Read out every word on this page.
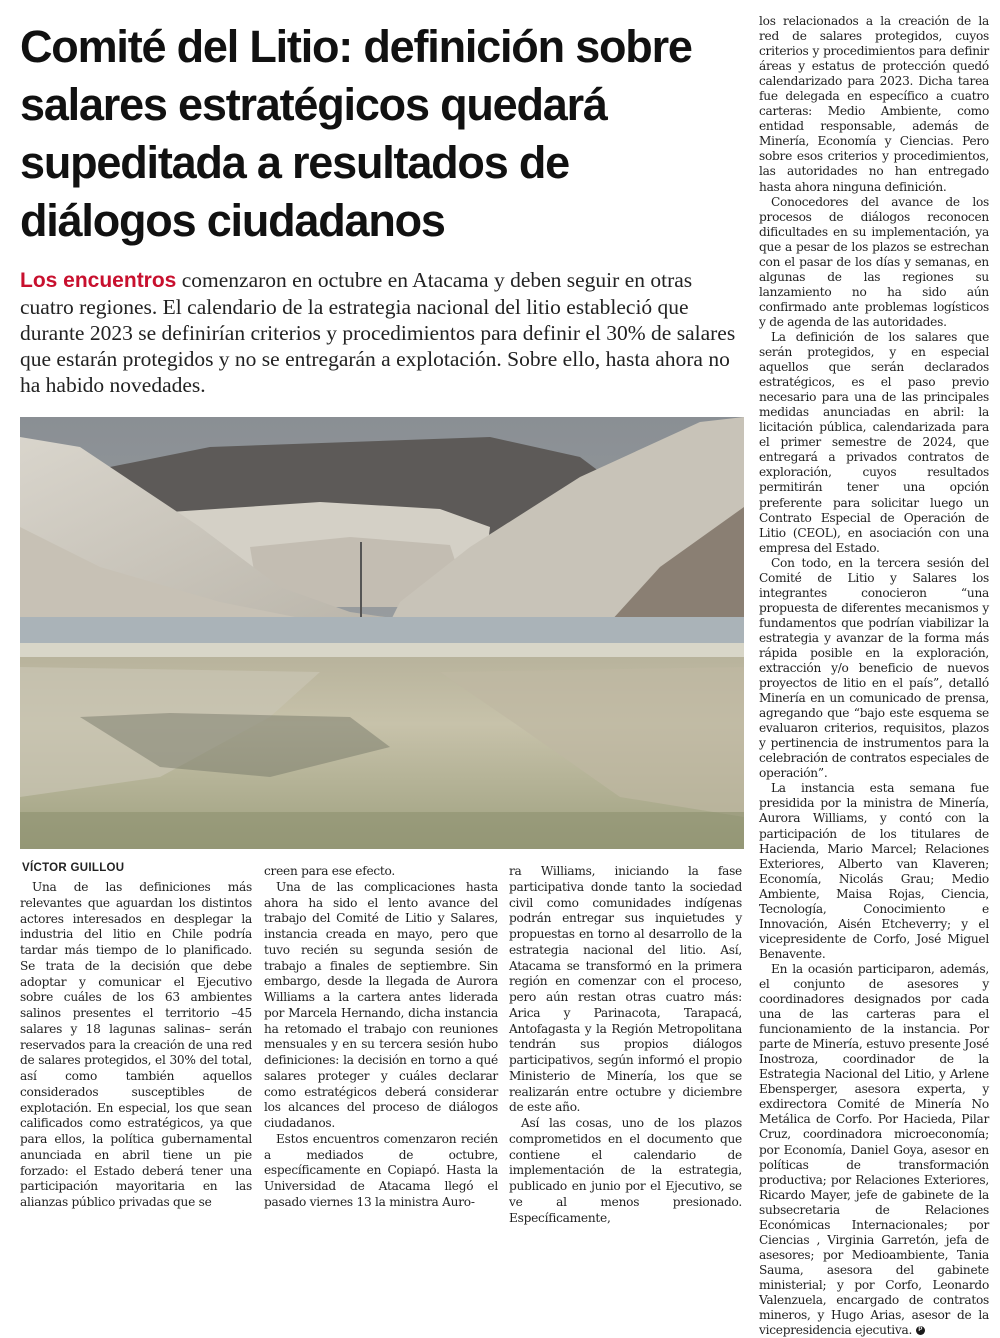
Comité del Litio: definición sobre salares estratégicos quedará supeditada a resultados de diálogos ciudadanos
Los encuentros comenzaron en octubre en Atacama y deben seguir en otras cuatro regiones. El calendario de la estrategia nacional del litio estableció que durante 2023 se definirían criterios y procedimientos para definir el 30% de salares que estarán protegidos y no se entregarán a explotación. Sobre ello, hasta ahora no ha habido novedades.
VÍCTOR GUILLOU

Una de las definiciones más relevantes que aguardan los distintos actores interesados en desplegar la industria del litio en Chile podría tardar más tiempo de lo planificado. Se trata de la decisión que debe adoptar y comunicar el Ejecutivo sobre cuáles de los 63 ambientes salinos presentes el territorio –45 salares y 18 lagunas salinas– serán reservados para la creación de una red de salares protegidos, el 30% del total, así como también aquellos considerados susceptibles de explotación. En especial, los que sean calificados como estratégicos, ya que para ellos, la política gubernamental anunciada en abril tiene un pie forzado: el Estado deberá tener una participación mayoritaria en las alianzas público privadas que se

creen para ese efecto.

Una de las complicaciones hasta ahora ha sido el lento avance del trabajo del Comité de Litio y Salares, instancia creada en mayo, pero que tuvo recién su segunda sesión de trabajo a finales de septiembre. Sin embargo, desde la llegada de Aurora Williams a la cartera antes liderada por Marcela Hernando, dicha instancia ha retomado el trabajo con reuniones mensuales y en su tercera sesión hubo definiciones: la decisión en torno a qué salares proteger y cuáles declarar como estratégicos deberá considerar los alcances del proceso de diálogos ciudadanos.

Estos encuentros comenzaron recién a mediados de octubre, específicamente en Copiapó. Hasta la Universidad de Atacama llegó el pasado viernes 13 la ministra Auro-

ra Williams, iniciando la fase participativa donde tanto la sociedad civil como comunidades indígenas podrán entregar sus inquietudes y propuestas en torno al desarrollo de la estrategia nacional del litio. Así, Atacama se transformó en la primera región en comenzar con el proceso, pero aún restan otras cuatro más: Arica y Parinacota, Tarapacá, Antofagasta y la Región Metropolitana tendrán sus propios diálogos participativos, según informó el propio Ministerio de Minería, los que se realizarán entre octubre y diciembre de este año.

Así las cosas, uno de los plazos comprometidos en el documento que contiene el calendario de implementación de la estrategia, publicado en junio por el Ejecutivo, se ve al menos presionado. Específicamente,

los relacionados a la creación de la red de salares protegidos, cuyos criterios y procedimientos para definir áreas y estatus de protección quedó calendarizado para 2023. Dicha tarea fue delegada en específico a cuatro carteras: Medio Ambiente, como entidad responsable, además de Minería, Economía y Ciencias. Pero sobre esos criterios y procedimientos, las autoridades no han entregado hasta ahora ninguna definición.

Conocedores del avance de los procesos de diálogos reconocen dificultades en su implementación, ya que a pesar de los plazos se estrechan con el pasar de los días y semanas, en algunas de las regiones su lanzamiento no ha sido aún confirmado ante problemas logísticos y de agenda de las autoridades.

La definición de los salares que serán protegidos, y en especial aquellos que serán declarados estratégicos, es el paso previo necesario para una de las principales medidas anunciadas en abril: la licitación pública, calendarizada para el primer semestre de 2024, que entregará a privados contratos de exploración, cuyos resultados permitirán tener una opción preferente para solicitar luego un Contrato Especial de Operación de Litio (CEOL), en asociación con una empresa del Estado.

Con todo, en la tercera sesión del Comité de Litio y Salares los integrantes conocieron “una propuesta de diferentes mecanismos y fundamentos que podrían viabilizar la estrategia y avanzar de la forma más rápida posible en la exploración, extracción y/o beneficio de nuevos proyectos de litio en el país”, detalló Minería en un comunicado de prensa, agregando que “bajo este esquema se evaluaron criterios, requisitos, plazos y pertinencia de instrumentos para la celebración de contratos especiales de operación”.

La instancia esta semana fue presidida por la ministra de Minería, Aurora Williams, y contó con la participación de los titulares de Hacienda, Mario Marcel; Relaciones Exteriores, Alberto van Klaveren; Economía, Nicolás Grau; Medio Ambiente, Maisa Rojas, Ciencia, Tecnología, Conocimiento e Innovación, Aisén Etcheverry; y el vicepresidente de Corfo, José Miguel Benavente.

En la ocasión participaron, además, el conjunto de asesores y coordinadores designados por cada una de las carteras para el funcionamiento de la instancia. Por parte de Minería, estuvo presente José Inostroza, coordinador de la Estrategia Nacional del Litio, y Arlene Ebensperger, asesora experta, y exdirectora Comité de Minería No Metálica de Corfo. Por Hacieda, Pilar Cruz, coordinadora microeconomía; por Economía, Daniel Goya, asesor en políticas de transformación productiva; por Relaciones Exteriores, Ricardo Mayer, jefe de gabinete de la subsecretaria de Relaciones Económicas Internacionales; por Ciencias , Virginia Garretón, jefa de asesores; por Medioambiente, Tania Sauma, asesora del gabinete ministerial; y por Corfo, Leonardo Valenzuela, encargado de contratos mineros, y Hugo Arias, asesor de la vicepresidencia ejecutiva. P
